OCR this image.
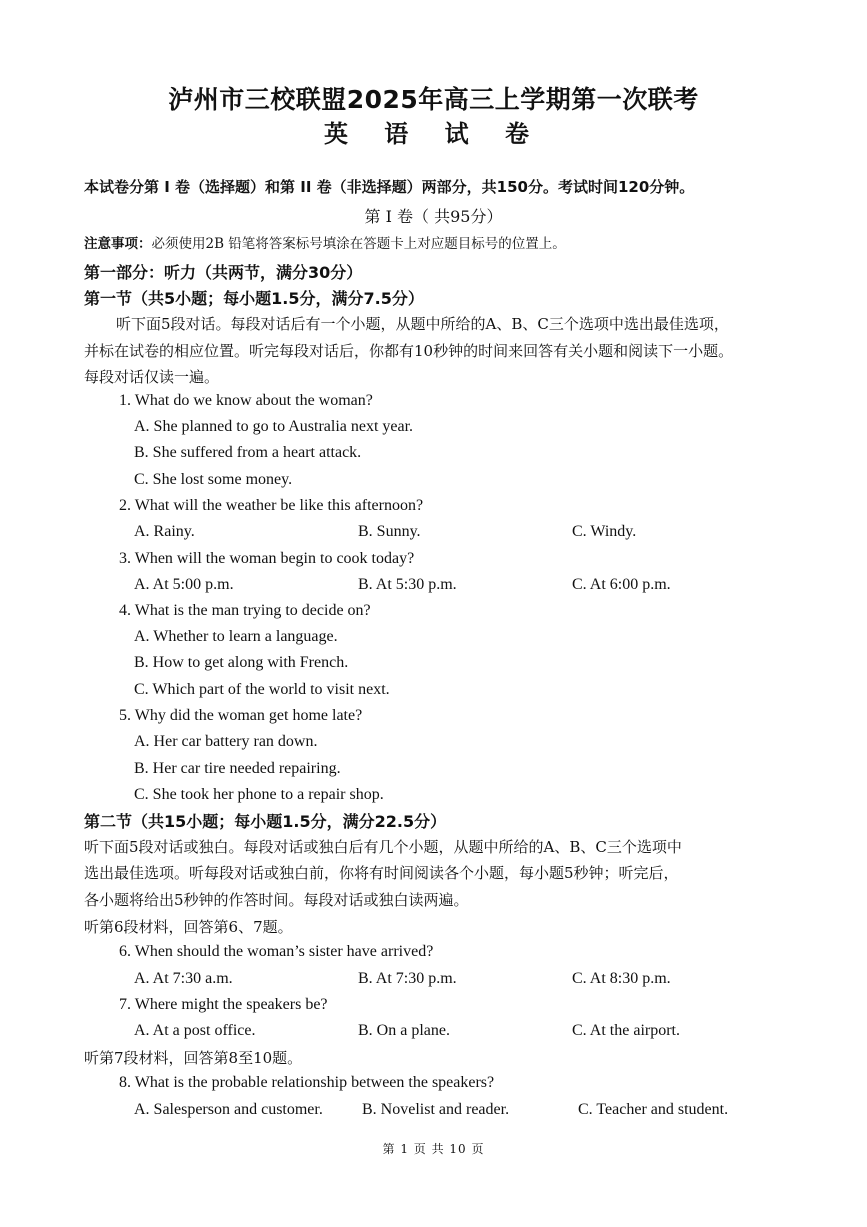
泸州市三校联盟2025年高三上学期第一次联考
英 语 试 卷
本试卷分第 I 卷（选择题）和第 II 卷（非选择题）两部分，共150分。考试时间120分钟。
第 I 卷（ 共95分）
注意事项：必须使用2B 铅笔将答案标号填涂在答题卡上对应题目标号的位置上。
第一部分：听力（共两节，满分30分）
第一节（共5小题；每小题1.5分，满分7.5分）
听下面5段对话。每段对话后有一个小题，从题中所给的A、B、C三个选项中选出最佳选项，
并标在试卷的相应位置。听完每段对话后，你都有10秒钟的时间来回答有关小题和阅读下一小题。
每段对话仅读一遍。
1. What do we know about the woman?
A. She planned to go to Australia next year.
B. She suffered from a heart attack.
C. She lost some money.
2. What will the weather be like this afternoon?
A. Rainy.	B. Sunny.	C. Windy.
3. When will the woman begin to cook today?
A. At 5:00 p.m.	B. At 5:30 p.m.	C. At 6:00 p.m.
4. What is the man trying to decide on?
A. Whether to learn a language.
B. How to get along with French.
C. Which part of the world to visit next.
5. Why did the woman get home late?
A. Her car battery ran down.
B. Her car tire needed repairing.
C. She took her phone to a repair shop.
第二节（共15小题；每小题1.5分，满分22.5分）
听下面5段对话或独白。每段对话或独白后有几个小题，从题中所给的A、B、C三个选项中
选出最佳选项。听每段对话或独白前，你将有时间阅读各个小题，每小题5秒钟；听完后，
各小题将给出5秒钟的作答时间。每段对话或独白读两遍。
听第6段材料，回答第6、7题。
6. When should the woman’s sister have arrived?
A. At 7:30 a.m.	B. At 7:30 p.m.	C. At 8:30 p.m.
7. Where might the speakers be?
A. At a post office.	B. On a plane.	C. At the airport.
听第7段材料，回答第8至10题。
8. What is the probable relationship between the speakers?
A. Salesperson and customer. B. Novelist and reader.	C. Teacher and student.
第 1 页 共 10 页
